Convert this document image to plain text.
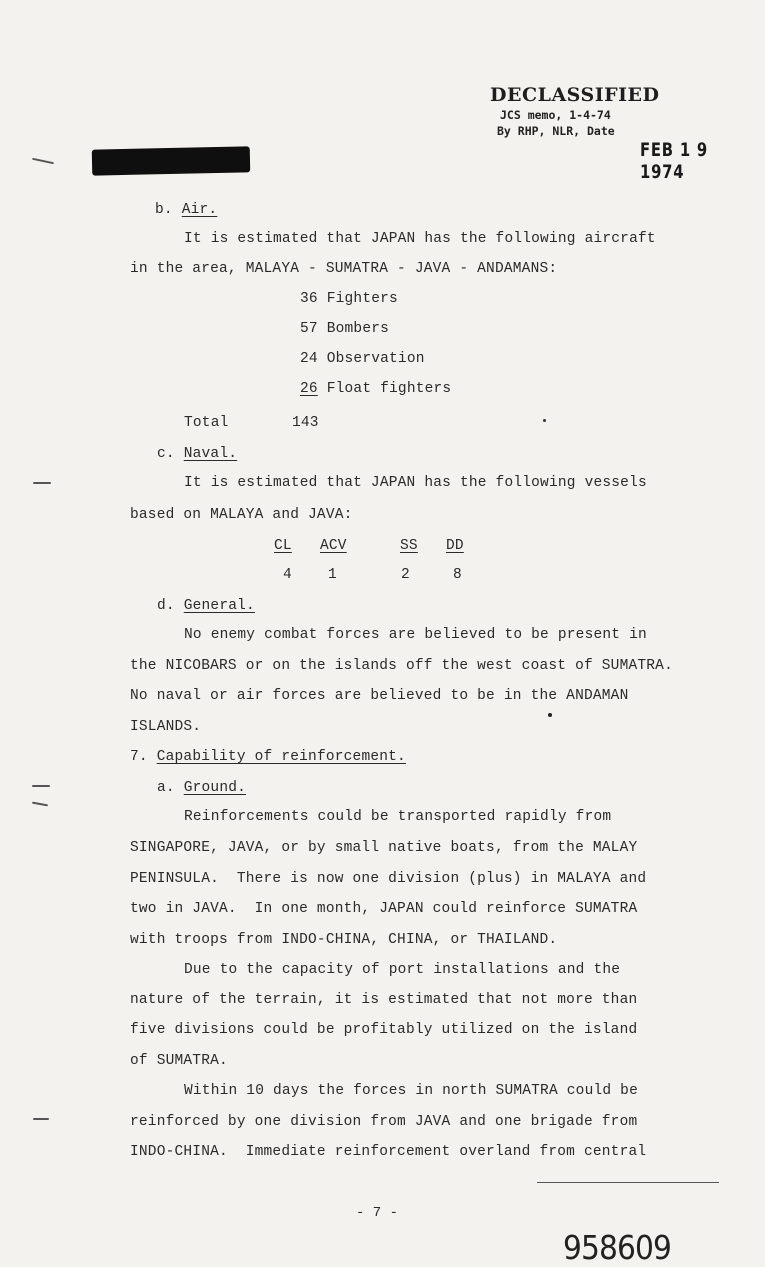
DECLASSIFIED
JCS memo, 1-4-74
By RHP, NLR, Date
FEB 1 9 1974
b. Air.
It is estimated that JAPAN has the following aircraft
in the area, MALAYA - SUMATRA - JAVA - ANDAMANS:
36 Fighters
57 Bombers
24 Observation
26 Float fighters
Total	143
c. Naval.
It is estimated that JAPAN has the following vessels
based on MALAYA and JAVA:
CL ACV	SS DD
4 1	2	8
d. General.
No enemy combat forces are believed to be present in
the NICOBARS or on the islands off the west coast of SUMATRA.
No naval or air forces are believed to be in the ANDAMAN
ISLANDS.
7. Capability of reinforcement.
a. Ground.
Reinforcements could be transported rapidly from
SINGAPORE, JAVA, or by small native boats, from the MALAY
PENINSULA.  There is now one division (plus) in MALAYA and
two in JAVA.  In one month, JAPAN could reinforce SUMATRA
with troops from INDO-CHINA, CHINA, or THAILAND.
Due to the capacity of port installations and the
nature of the terrain, it is estimated that not more than
five divisions could be profitably utilized on the island
of SUMATRA.
Within 10 days the forces in north SUMATRA could be
reinforced by one division from JAVA and one brigade from
INDO-CHINA.  Immediate reinforcement overland from central
- 7 -
958609
